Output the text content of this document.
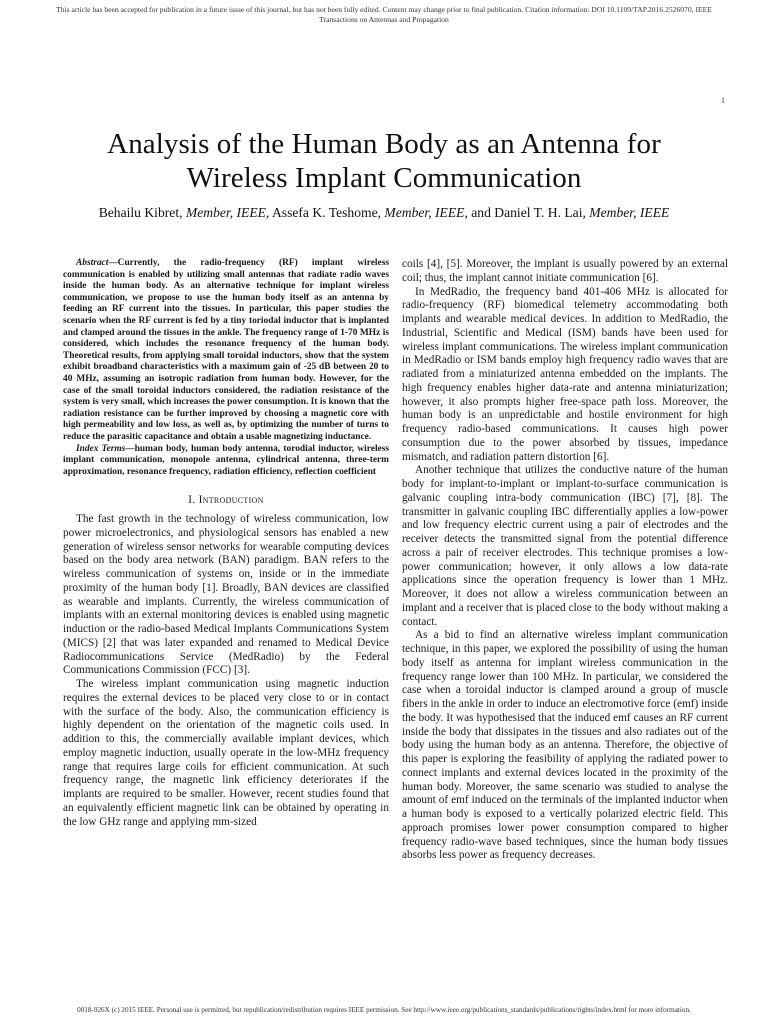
This article has been accepted for publication in a future issue of this journal, but has not been fully edited. Content may change prior to final publication. Citation information: DOI 10.1109/TAP.2016.2526070, IEEE
Transactions on Antennas and Propagation
1
Analysis of the Human Body as an Antenna for
Wireless Implant Communication
Behailu Kibret, Member, IEEE, Assefa K. Teshome, Member, IEEE, and Daniel T. H. Lai, Member, IEEE

Abstract—Currently, the radio-frequency (RF) implant wireless communication is enabled by utilizing small antennas that radiate radio waves inside the human body. As an alternative technique for implant wireless communication, we propose to use the human body itself as an antenna by feeding an RF current into the tissues. In particular, this paper studies the scenario when the RF current is fed by a tiny toriodal inductor that is implanted and clamped around the tissues in the ankle. The frequency range of 1-70 MHz is considered, which includes the resonance frequency of the human body. Theoretical results, from applying small toroidal inductors, show that the system exhibit broadband characteristics with a maximum gain of -25 dB between 20 to 40 MHz, assuming an isotropic radiation from human body. However, for the case of the small toroidal inductors considered, the radiation resistance of the system is very small, which increases the power consumption. It is known that the radiation resistance can be further improved by choosing a magnetic core with high permeability and low loss, as well as, by optimizing the number of turns to reduce the parasitic capacitance and obtain a usable magnetizing inductance.

Index Terms—human body, human body antenna, torodial inductor, wireless implant communication, monopole antenna, cylindrical antenna, three-term approximation, resonance frequency, radiation efficiency, reflection coefficient

I. Introduction

The fast growth in the technology of wireless communication, low power microelectronics, and physiological sensors has enabled a new generation of wireless sensor networks for wearable computing devices based on the body area network (BAN) paradigm. BAN refers to the wireless communication of systems on, inside or in the immediate proximity of the human body [1]. Broadly, BAN devices are classified as wearable and implants. Currently, the wireless communication of implants with an external monitoring devices is enabled using magnetic induction or the radio-based Medical Implants Communications System (MICS) [2] that was later expanded and renamed to Medical Device Radiocommunications Service (MedRadio) by the Federal Communications Commission (FCC) [3].

The wireless implant communication using magnetic induction requires the external devices to be placed very close to or in contact with the surface of the body. Also, the communication efficiency is highly dependent on the orientation of the magnetic coils used. In addition to this, the commercially available implant devices, which employ magnetic induction, usually operate in the low-MHz frequency range that requires large coils for efficient communication. At such frequency range, the magnetic link efficiency deteriorates if the implants are required to be smaller. However, recent studies found that an equivalently efficient magnetic link can be obtained by operating in the low GHz range and applying mm-sized

coils [4], [5]. Moreover, the implant is usually powered by an external coil; thus, the implant cannot initiate communication [6].

In MedRadio, the frequency band 401-406 MHz is allocated for radio-frequency (RF) biomedical telemetry accommodating both implants and wearable medical devices. In addition to MedRadio, the Industrial, Scientific and Medical (ISM) bands have been used for wireless implant communications. The wireless implant communication in MedRadio or ISM bands employ high frequency radio waves that are radiated from a miniaturized antenna embedded on the implants. The high frequency enables higher data-rate and antenna miniaturization; however, it also prompts higher free-space path loss. Moreover, the human body is an unpredictable and hostile environment for high frequency radio-based communications. It causes high power consumption due to the power absorbed by tissues, impedance mismatch, and radiation pattern distortion [6].

Another technique that utilizes the conductive nature of the human body for implant-to-implant or implant-to-surface communication is galvanic coupling intra-body communication (IBC) [7], [8]. The transmitter in galvanic coupling IBC differentially applies a low-power and low frequency electric current using a pair of electrodes and the receiver detects the transmitted signal from the potential difference across a pair of receiver electrodes. This technique promises a low-power communication; however, it only allows a low data-rate applications since the operation frequency is lower than 1 MHz. Moreover, it does not allow a wireless communication between an implant and a receiver that is placed close to the body without making a contact.

As a bid to find an alternative wireless implant communication technique, in this paper, we explored the possibility of using the human body itself as antenna for implant wireless communication in the frequency range lower than 100 MHz. In particular, we considered the case when a toroidal inductor is clamped around a group of muscle fibers in the ankle in order to induce an electromotive force (emf) inside the body. It was hypothesised that the induced emf causes an RF current inside the body that dissipates in the tissues and also radiates out of the body using the human body as an antenna. Therefore, the objective of this paper is exploring the feasibility of applying the radiated power to connect implants and external devices located in the proximity of the human body. Moreover, the same scenario was studied to analyse the amount of emf induced on the terminals of the implanted inductor when a human body is exposed to a vertically polarized electric field. This approach promises lower power consumption compared to higher frequency radio-wave based techniques, since the human body tissues absorbs less power as frequency decreases.

0018-926X (c) 2015 IEEE. Personal use is permitted, but republication/redistribution requires IEEE permission. See http://www.ieee.org/publications_standards/publications/rights/index.html for more information.
